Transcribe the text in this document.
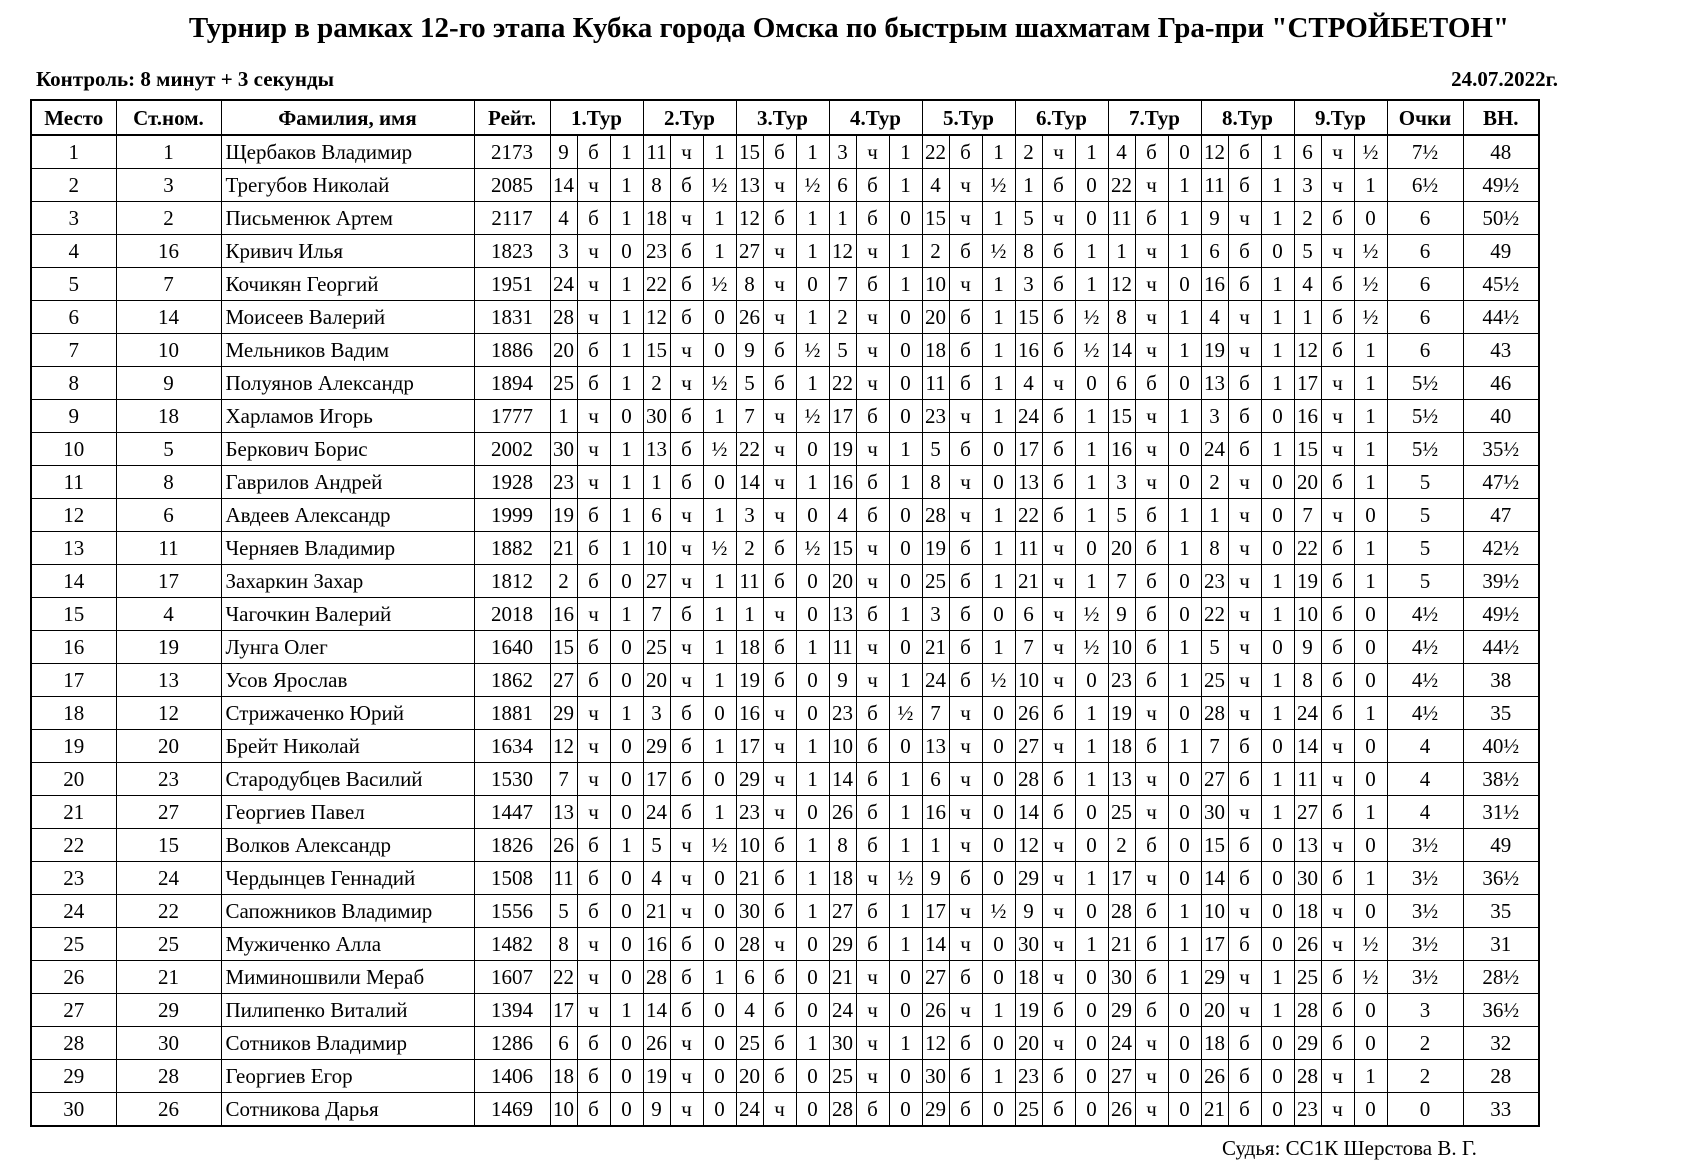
Турнир в рамках 12-го этапа Кубка города Омска по быстрым шахматам Гра-при "СТРОЙБЕТОН"
Контроль: 8 минут + 3 секунды	24.07.2022г.
Место	Ст.ном.	Фамилия, имя	Рейт.	1.Тур			2.Тур			3.Тур			4.Тур			5.Тур			6.Тур			7.Тур			8.Тур			9.Тур			Очки	ВН.
1	1	Щербаков Владимир	2173	9	б	1	11	ч	1	15	б	1	3	ч	1	22	б	1	2	ч	1	4	б	0	12	б	1	6	ч	½	7½	48
2	3	Трегубов Николай	2085	14	ч	1	8	б	½	13	ч	½	6	б	1	4	ч	½	1	б	0	22	ч	1	11	б	1	3	ч	1	6½	49½
3	2	Письменюк Артем	2117	4	б	1	18	ч	1	12	б	1	1	б	0	15	ч	1	5	ч	0	11	б	1	9	ч	1	2	б	0	6	50½
4	16	Кривич Илья	1823	3	ч	0	23	б	1	27	ч	1	12	ч	1	2	б	½	8	б	1	1	ч	1	6	б	0	5	ч	½	6	49
5	7	Кочикян Георгий	1951	24	ч	1	22	б	½	8	ч	0	7	б	1	10	ч	1	3	б	1	12	ч	0	16	б	1	4	б	½	6	45½
6	14	Моисеев Валерий	1831	28	ч	1	12	б	0	26	ч	1	2	ч	0	20	б	1	15	б	½	8	ч	1	4	ч	1	1	б	½	6	44½
7	10	Мельников Вадим	1886	20	б	1	15	ч	0	9	б	½	5	ч	0	18	б	1	16	б	½	14	ч	1	19	ч	1	12	б	1	6	43
8	9	Полуянов Александр	1894	25	б	1	2	ч	½	5	б	1	22	ч	0	11	б	1	4	ч	0	6	б	0	13	б	1	17	ч	1	5½	46
9	18	Харламов Игорь	1777	1	ч	0	30	б	1	7	ч	½	17	б	0	23	ч	1	24	б	1	15	ч	1	3	б	0	16	ч	1	5½	40
10	5	Беркович Борис	2002	30	ч	1	13	б	½	22	ч	0	19	ч	1	5	б	0	17	б	1	16	ч	0	24	б	1	15	ч	1	5½	35½
11	8	Гаврилов Андрей	1928	23	ч	1	1	б	0	14	ч	1	16	б	1	8	ч	0	13	б	1	3	ч	0	2	ч	0	20	б	1	5	47½
12	6	Авдеев Александр	1999	19	б	1	6	ч	1	3	ч	0	4	б	0	28	ч	1	22	б	1	5	б	1	1	ч	0	7	ч	0	5	47
13	11	Черняев Владимир	1882	21	б	1	10	ч	½	2	б	½	15	ч	0	19	б	1	11	ч	0	20	б	1	8	ч	0	22	б	1	5	42½
14	17	Захаркин Захар	1812	2	б	0	27	ч	1	11	б	0	20	ч	0	25	б	1	21	ч	1	7	б	0	23	ч	1	19	б	1	5	39½
15	4	Чагочкин Валерий	2018	16	ч	1	7	б	1	1	ч	0	13	б	1	3	б	0	6	ч	½	9	б	0	22	ч	1	10	б	0	4½	49½
16	19	Лунга Олег	1640	15	б	0	25	ч	1	18	б	1	11	ч	0	21	б	1	7	ч	½	10	б	1	5	ч	0	9	б	0	4½	44½
17	13	Усов Ярослав	1862	27	б	0	20	ч	1	19	б	0	9	ч	1	24	б	½	10	ч	0	23	б	1	25	ч	1	8	б	0	4½	38
18	12	Стрижаченко Юрий	1881	29	ч	1	3	б	0	16	ч	0	23	б	½	7	ч	0	26	б	1	19	ч	0	28	ч	1	24	б	1	4½	35
19	20	Брейт Николай	1634	12	ч	0	29	б	1	17	ч	1	10	б	0	13	ч	0	27	ч	1	18	б	1	7	б	0	14	ч	0	4	40½
20	23	Стародубцев Василий	1530	7	ч	0	17	б	0	29	ч	1	14	б	1	6	ч	0	28	б	1	13	ч	0	27	б	1	11	ч	0	4	38½
21	27	Георгиев Павел	1447	13	ч	0	24	б	1	23	ч	0	26	б	1	16	ч	0	14	б	0	25	ч	0	30	ч	1	27	б	1	4	31½
22	15	Волков Александр	1826	26	б	1	5	ч	½	10	б	1	8	б	1	1	ч	0	12	ч	0	2	б	0	15	б	0	13	ч	0	3½	49
23	24	Чердынцев Геннадий	1508	11	б	0	4	ч	0	21	б	1	18	ч	½	9	б	0	29	ч	1	17	ч	0	14	б	0	30	б	1	3½	36½
24	22	Сапожников Владимир	1556	5	б	0	21	ч	0	30	б	1	27	б	1	17	ч	½	9	ч	0	28	б	1	10	ч	0	18	ч	0	3½	35
25	25	Мужиченко Алла	1482	8	ч	0	16	б	0	28	ч	0	29	б	1	14	ч	0	30	ч	1	21	б	1	17	б	0	26	ч	½	3½	31
26	21	Миминошвили Мераб	1607	22	ч	0	28	б	1	6	б	0	21	ч	0	27	б	0	18	ч	0	30	б	1	29	ч	1	25	б	½	3½	28½
27	29	Пилипенко Виталий	1394	17	ч	1	14	б	0	4	б	0	24	ч	0	26	ч	1	19	б	0	29	б	0	20	ч	1	28	б	0	3	36½
28	30	Сотников Владимир	1286	6	б	0	26	ч	0	25	б	1	30	ч	1	12	б	0	20	ч	0	24	ч	0	18	б	0	29	б	0	2	32
29	28	Георгиев Егор	1406	18	б	0	19	ч	0	20	б	0	25	ч	0	30	б	1	23	б	0	27	ч	0	26	б	0	28	ч	1	2	28
30	26	Сотникова Дарья	1469	10	б	0	9	ч	0	24	ч	0	28	б	0	29	б	0	25	б	0	26	ч	0	21	б	0	23	ч	0	0	33
Судья: СС1К Шерстова В. Г.
